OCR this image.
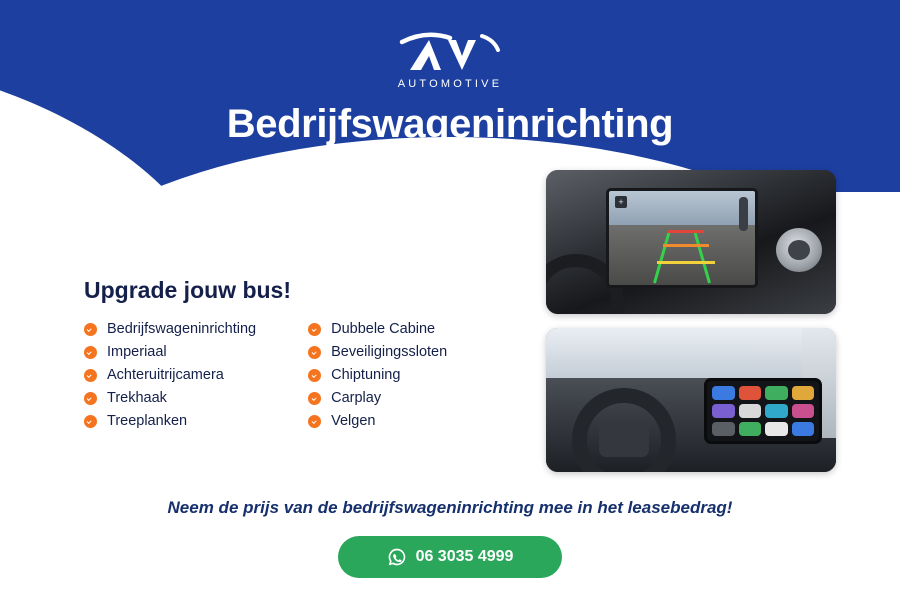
AUTOMOTIVE
Bedrijfswageninrichting
Upgrade jouw bus!
Bedrijfswageninrichting
Imperiaal
Achteruitrijcamera
Trekhaak
Treeplanken
Dubbele Cabine
Beveiligingssloten
Chiptuning
Carplay
Velgen
+
Neem de prijs van de bedrijfswageninrichting mee in het leasebedrag!
06 3035 4999
